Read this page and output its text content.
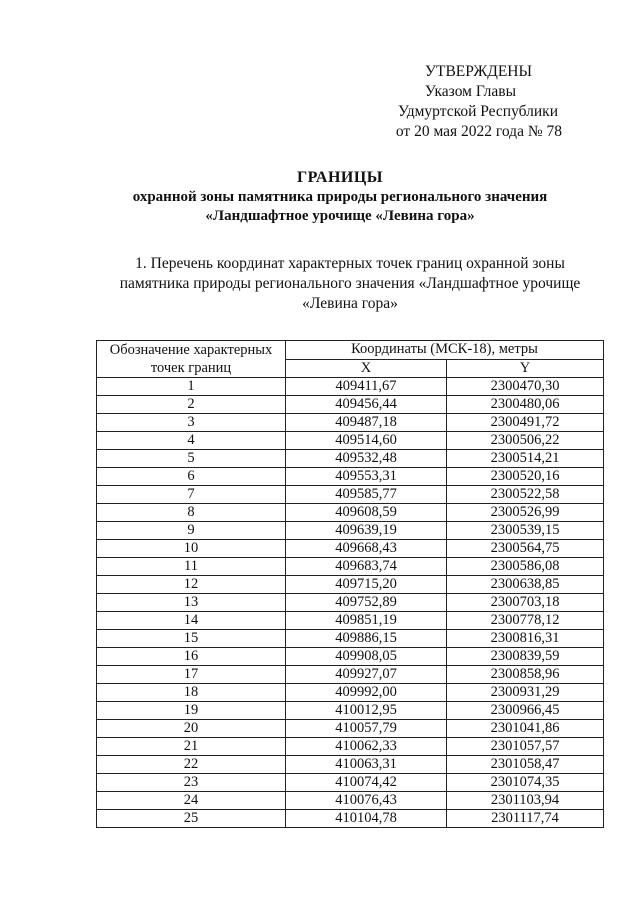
УТВЕРЖДЕНЫ
Указом Главы
Удмуртской Республики
от 20 мая 2022 года № 78
ГРАНИЦЫ
охранной зоны памятника природы регионального значения
«Ландшафтное урочище «Левина гора»
1. Перечень координат характерных точек границ охранной зоны
памятника природы регионального значения «Ландшафтное урочище
«Левина гора»
Обозначение характерных
точек границ	Координаты (МСК-18), метры	
	X	Y
1	409411,67	2300470,30
2	409456,44	2300480,06
3	409487,18	2300491,72
4	409514,60	2300506,22
5	409532,48	2300514,21
6	409553,31	2300520,16
7	409585,77	2300522,58
8	409608,59	2300526,99
9	409639,19	2300539,15
10	409668,43	2300564,75
11	409683,74	2300586,08
12	409715,20	2300638,85
13	409752,89	2300703,18
14	409851,19	2300778,12
15	409886,15	2300816,31
16	409908,05	2300839,59
17	409927,07	2300858,96
18	409992,00	2300931,29
19	410012,95	2300966,45
20	410057,79	2301041,86
21	410062,33	2301057,57
22	410063,31	2301058,47
23	410074,42	2301074,35
24	410076,43	2301103,94
25	410104,78	2301117,74
